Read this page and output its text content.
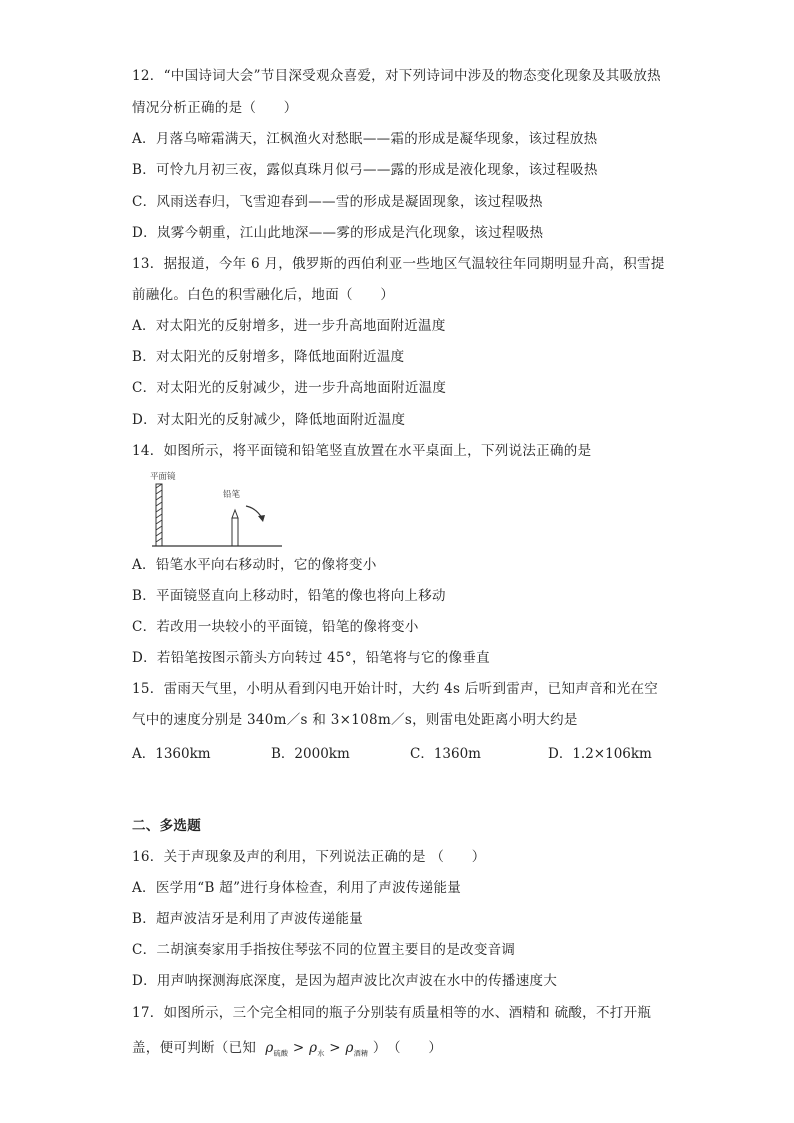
12．“中国诗词大会”节目深受观众喜爱，对下列诗词中涉及的物态变化现象及其吸放热
情况分析正确的是（　　）
A．月落乌啼霜满天，江枫渔火对愁眠——霜的形成是凝华现象，该过程放热
B．可怜九月初三夜，露似真珠月似弓——露的形成是液化现象，该过程吸热
C．风雨送春归，飞雪迎春到——雪的形成是凝固现象，该过程吸热
D．岚雾今朝重，江山此地深——雾的形成是汽化现象，该过程吸热
13．据报道，今年 6 月，俄罗斯的西伯利亚一些地区气温较往年同期明显升高，积雪提
前融化。白色的积雪融化后，地面（　　）
A．对太阳光的反射增多，进一步升高地面附近温度
B．对太阳光的反射增多，降低地面附近温度
C．对太阳光的反射减少，进一步升高地面附近温度
D．对太阳光的反射减少，降低地面附近温度
14．如图所示，将平面镜和铅笔竖直放置在水平桌面上，下列说法正确的是
平面镜
铅笔
A．铅笔水平向右移动时，它的像将变小
B．平面镜竖直向上移动时，铅笔的像也将向上移动
C．若改用一块较小的平面镜，铅笔的像将变小
D．若铅笔按图示箭头方向转过 45°，铅笔将与它的像垂直
15．雷雨天气里，小明从看到闪电开始计时，大约 4s 后听到雷声，已知声音和光在空
气中的速度分别是 340m／s 和 3×108m／s，则雷电处距离小明大约是
A．1360km	B．2000km	C．1360m	D．1.2×106km
二、多选题
16．关于声现象及声的利用，下列说法正确的是 （　　）
A．医学用“B 超”进行身体检查，利用了声波传递能量
B．超声波洁牙是利用了声波传递能量
C．二胡演奏家用手指按住琴弦不同的位置主要目的是改变音调
D．用声呐探测海底深度，是因为超声波比次声波在水中的传播速度大
17．如图所示，三个完全相同的瓶子分别装有质量相等的水、酒精和 硫酸，不打开瓶
盖，便可判断（已知 $\rho_{硫酸} > \rho_水 > \rho_{酒精}$ ）　（　　）
